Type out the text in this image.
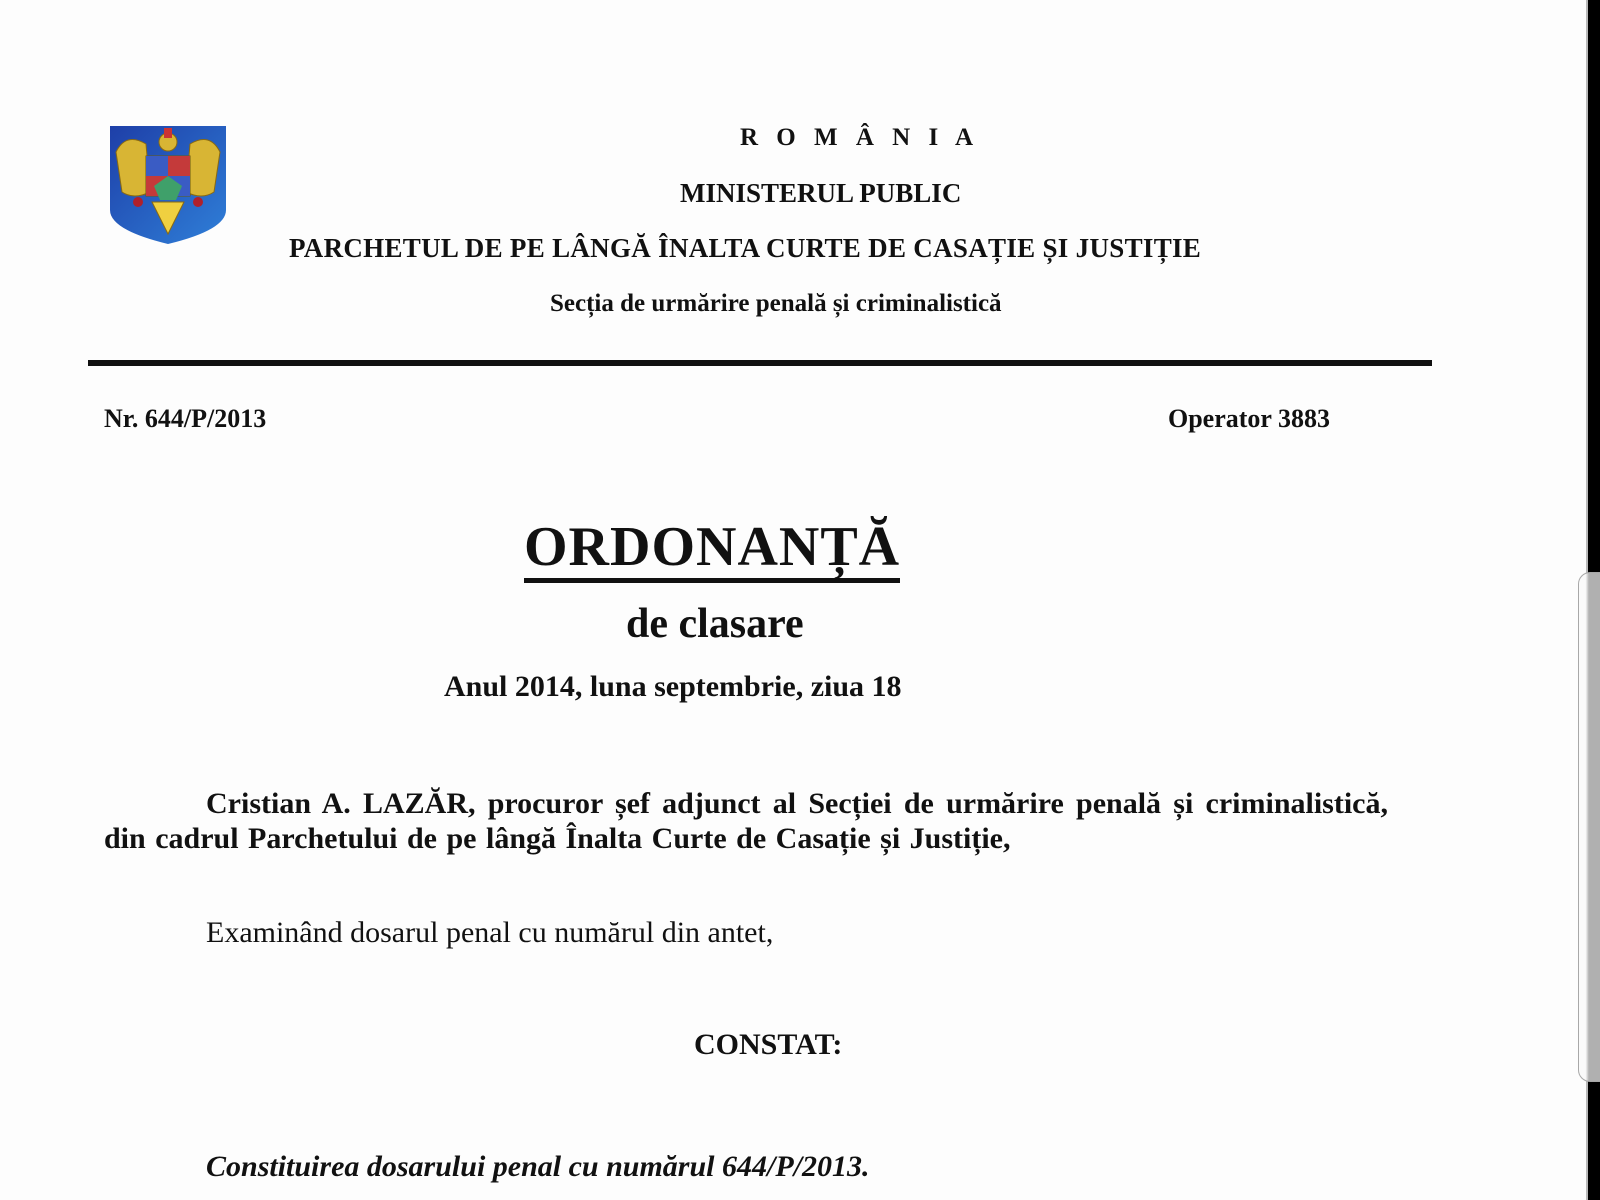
R O M Â N I A
MINISTERUL PUBLIC
PARCHETUL DE PE LÂNGĂ ÎNALTA CURTE DE CASAȚIE ȘI JUSTIȚIE
Secția de urmărire penală și criminalistică
Nr. 644/P/2013	Operator 3883
ORDONANȚĂ
de clasare
Anul 2014, luna septembrie, ziua 18
Cristian A. LAZĂR, procuror șef adjunct al Secției de urmărire penală și criminalistică, din cadrul Parchetului de pe lângă Înalta Curte de Casație și Justiție,
Examinând dosarul penal cu numărul din antet,
CONSTAT:
Constituirea dosarului penal cu numărul 644/P/2013.
